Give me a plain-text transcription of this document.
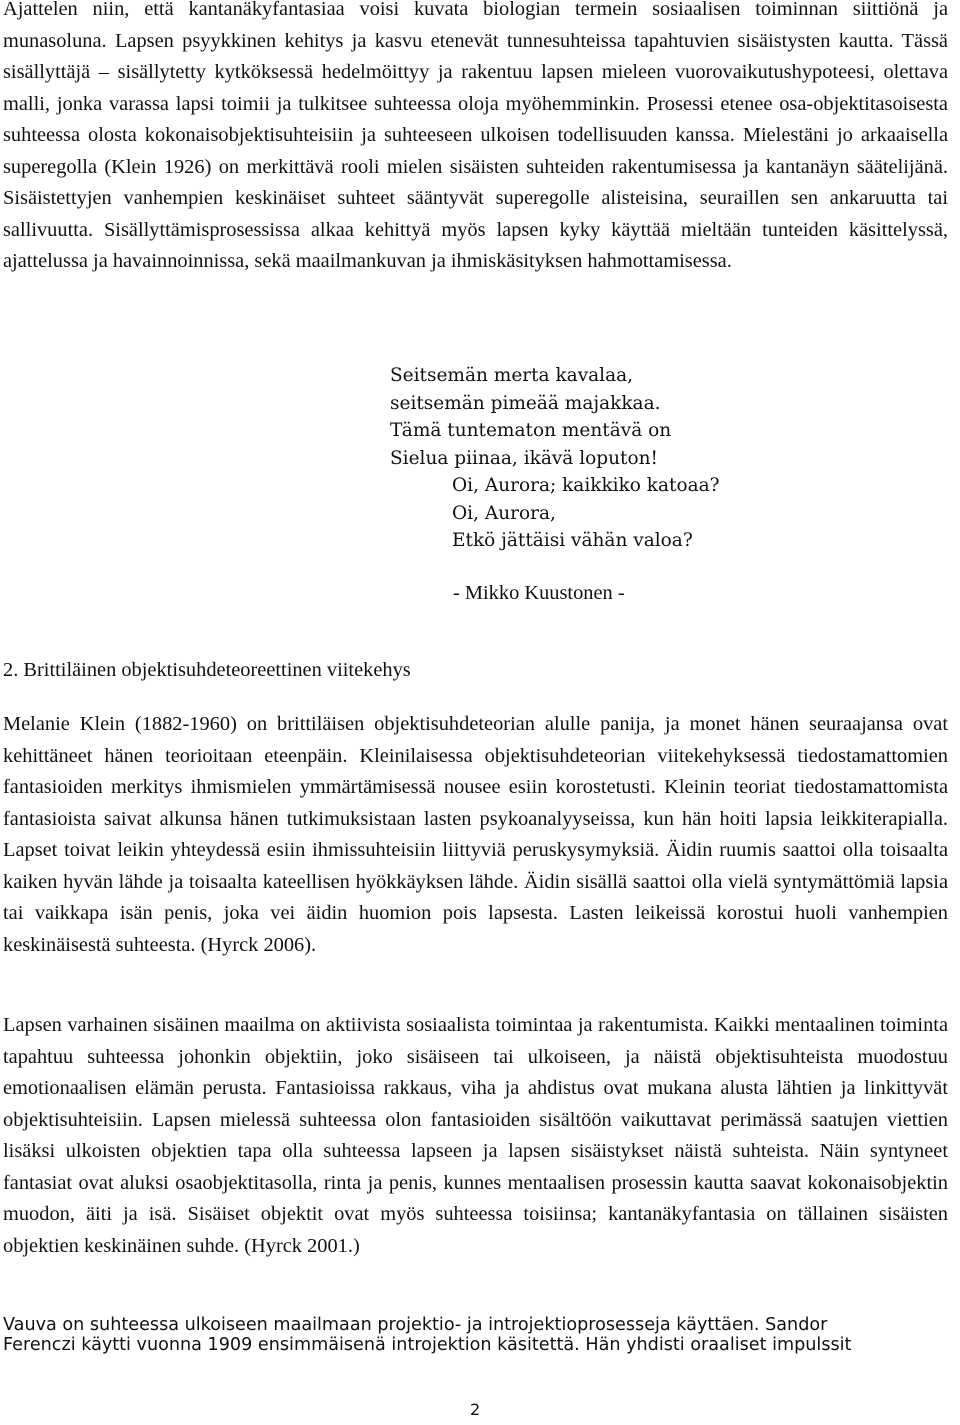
Ajattelen niin, että kantanäkyfantasiaa voisi kuvata biologian termein sosiaalisen toiminnan siittiönä ja munasoluna. Lapsen psyykkinen kehitys ja kasvu etenevät tunnesuhteissa tapahtuvien sisäistysten kautta. Tässä sisällyttäjä – sisällytetty kytköksessä hedelmöittyy ja rakentuu lapsen mieleen vuorovaikutushypoteesi, olettava malli, jonka varassa lapsi toimii ja tulkitsee suhteessa oloja myöhemminkin. Prosessi etenee osa-objektitasoisesta suhteessa olosta kokonaisobjektisuhteisiin ja suhteeseen ulkoisen todellisuuden kanssa. Mielestäni jo arkaaisella superegolla (Klein 1926) on merkittävä rooli mielen sisäisten suhteiden rakentumisessa ja kantanäyn säätelijänä. Sisäistettyjen vanhempien keskinäiset suhteet sääntyvät superegolle alisteisina, seuraillen sen ankaruutta tai sallivuutta. Sisällyttämisprosessissa alkaa kehittyä myös lapsen kyky käyttää mieltään tunteiden käsittelyssä, ajattelussa ja havainnoinnissa, sekä maailmankuvan ja ihmiskäsityksen hahmottamisessa.

Seitsemän merta kavalaa,
seitsemän pimeää majakkaa.
Tämä tuntematon mentävä on
Sielua piinaa, ikävä loputon!
Oi, Aurora; kaikkiko katoaa?
Oi, Aurora,
Etkö jättäisi vähän valoa?
- Mikko Kuustonen -
2. Brittiläinen objektisuhdeteoreettinen viitekehys

Melanie Klein (1882-1960) on brittiläisen objektisuhdeteorian alulle panija, ja monet hänen seuraajansa ovat kehittäneet hänen teorioitaan eteenpäin. Kleinilaisessa objektisuhdeteorian viitekehyksessä tiedostamattomien fantasioiden merkitys ihmismielen ymmärtämisessä nousee esiin korostetusti. Kleinin teoriat tiedostamattomista fantasioista saivat alkunsa hänen tutkimuksistaan lasten psykoanalyyseissa, kun hän hoiti lapsia leikkiterapialla. Lapset toivat leikin yhteydessä esiin ihmissuhteisiin liittyviä peruskysymyksiä. Äidin ruumis saattoi olla toisaalta kaiken hyvän lähde ja toisaalta kateellisen hyökkäyksen lähde. Äidin sisällä saattoi olla vielä syntymättömiä lapsia tai vaikkapa isän penis, joka vei äidin huomion pois lapsesta. Lasten leikeissä korostui huoli vanhempien keskinäisestä suhteesta. (Hyrck 2006).

Lapsen varhainen sisäinen maailma on aktiivista sosiaalista toimintaa ja rakentumista. Kaikki mentaalinen toiminta tapahtuu suhteessa johonkin objektiin, joko sisäiseen tai ulkoiseen, ja näistä objektisuhteista muodostuu emotionaalisen elämän perusta. Fantasioissa rakkaus, viha ja ahdistus ovat mukana alusta lähtien ja linkittyvät objektisuhteisiin. Lapsen mielessä suhteessa olon fantasioiden sisältöön vaikuttavat perimässä saatujen viettien lisäksi ulkoisten objektien tapa olla suhteessa lapseen ja lapsen sisäistykset näistä suhteista. Näin syntyneet fantasiat ovat aluksi osaobjektitasolla, rinta ja penis, kunnes mentaalisen prosessin kautta saavat kokonaisobjektin muodon, äiti ja isä. Sisäiset objektit ovat myös suhteessa toisiinsa; kantanäkyfantasia on tällainen sisäisten objektien keskinäinen suhde. (Hyrck 2001.)

Vauva on suhteessa ulkoiseen maailmaan projektio- ja introjektioprosesseja käyttäen. Sandor
Ferenczi käytti vuonna 1909 ensimmäisenä introjektion käsitettä. Hän yhdisti oraaliset impulssit
2
